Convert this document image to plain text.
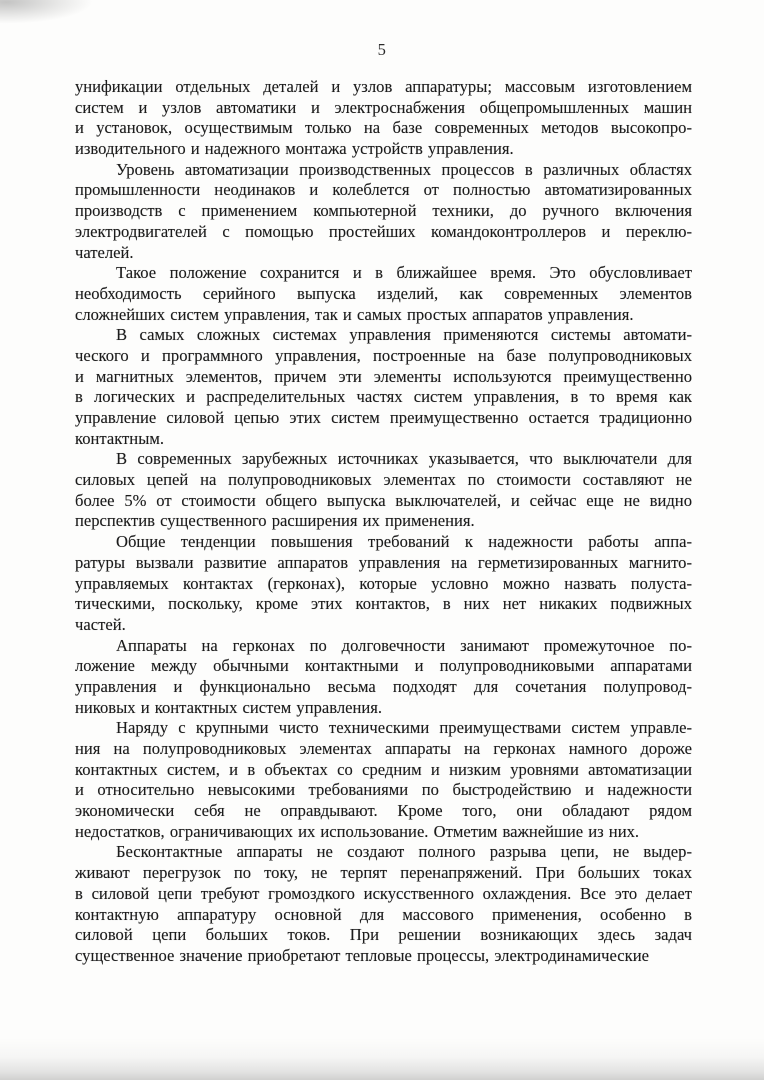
5
унификации отдельных деталей и узлов аппаратуры; массовым изготовлением
систем и узлов автоматики и электроснабжения общепромышленных машин
и установок, осуществимым только на базе современных методов высокопро-
изводительного и надежного монтажа устройств управления.
Уровень автоматизации производственных процессов в различных областях
промышленности неодинаков и колеблется от полностью автоматизированных
производств с применением компьютерной техники, до ручного включения
электродвигателей с помощью простейших командоконтроллеров и переклю-
чателей.
Такое положение сохранится и в ближайшее время. Это обусловливает
необходимость серийного выпуска изделий, как современных элементов
сложнейших систем управления, так и самых простых аппаратов управления.
В самых сложных системах управления применяются системы автомати-
ческого и программного управления, построенные на базе полупроводниковых
и магнитных элементов, причем эти элементы используются преимущественно
в логических и распределительных частях систем управления, в то время как
управление силовой цепью этих систем преимущественно остается традиционно
контактным.
В современных зарубежных источниках указывается, что выключатели для
силовых цепей на полупроводниковых элементах по стоимости составляют не
более 5% от стоимости общего выпуска выключателей, и сейчас еще не видно
перспектив существенного расширения их применения.
Общие тенденции повышения требований к надежности работы аппа-
ратуры вызвали развитие аппаратов управления на герметизированных магнито-
управляемых контактах (герконах), которые условно можно назвать полуста-
тическими, поскольку, кроме этих контактов, в них нет никаких подвижных
частей.
Аппараты на герконах по долговечности занимают промежуточное по-
ложение между обычными контактными и полупроводниковыми аппаратами
управления и функционально весьма подходят для сочетания полупровод-
никовых и контактных систем управления.
Наряду с крупными чисто техническими преимуществами систем управле-
ния на полупроводниковых элементах аппараты на герконах намного дороже
контактных систем, и в объектах со средним и низким уровнями автоматизации
и относительно невысокими требованиями по быстродействию и надежности
экономически себя не оправдывают. Кроме того, они обладают рядом
недостатков, ограничивающих их использование. Отметим важнейшие из них.
Бесконтактные аппараты не создают полного разрыва цепи, не выдер-
живают перегрузок по току, не терпят перенапряжений. При больших токах
в силовой цепи требуют громоздкого искусственного охлаждения. Все это делает
контактную аппаратуру основной для массового применения, особенно в
силовой цепи больших токов. При решении возникающих здесь задач
существенное значение приобретают тепловые процессы, электродинамические
